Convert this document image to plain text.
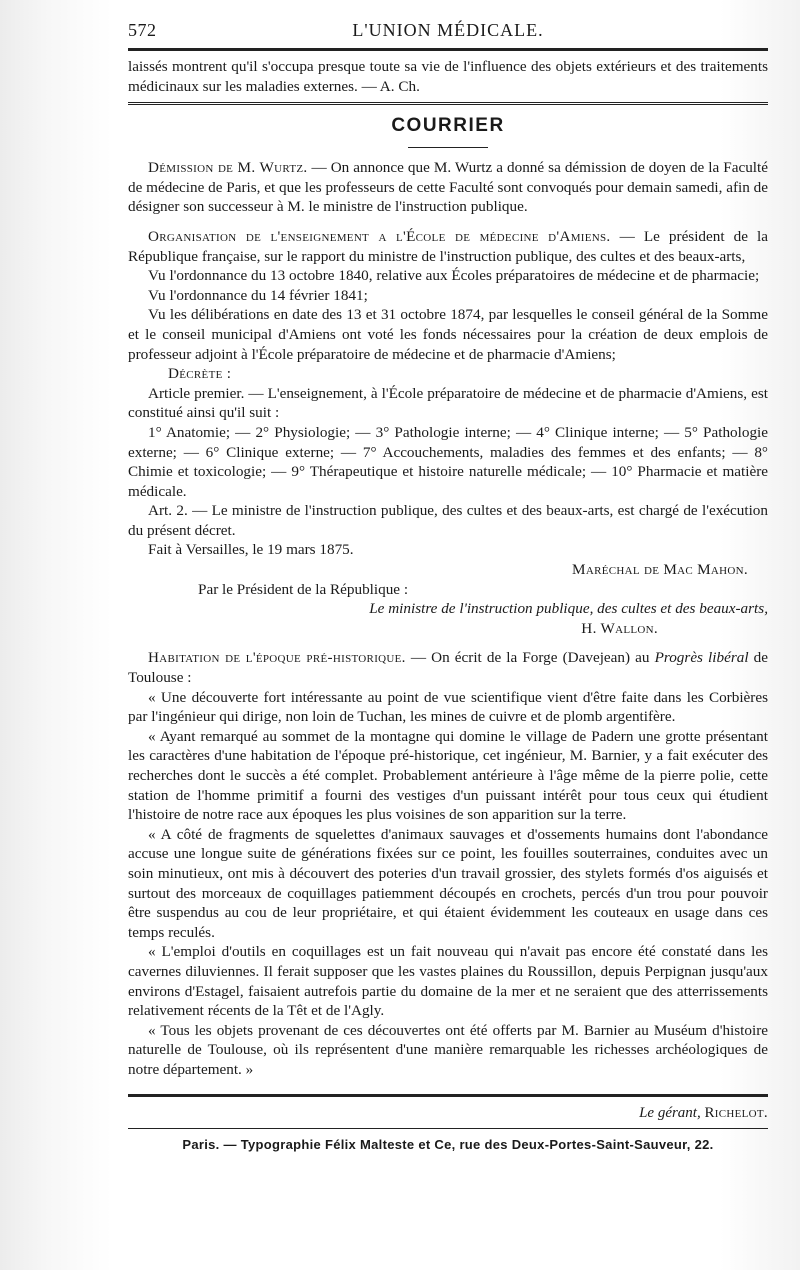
572	L'UNION MÉDICALE.

laissés montrent qu'il s'occupa presque toute sa vie de l'influence des objets extérieurs et des traitements médicinaux sur les maladies externes. — A. Ch.

COURRIER

Démission de M. Wurtz. — On annonce que M. Wurtz a donné sa démission de doyen de la Faculté de médecine de Paris, et que les professeurs de cette Faculté sont convoqués pour demain samedi, afin de désigner son successeur à M. le ministre de l'instruction publique.

Organisation de l'enseignement a l'École de médecine d'Amiens. — Le président de la République française, sur le rapport du ministre de l'instruction publique, des cultes et des beaux-arts,

Vu l'ordonnance du 13 octobre 1840, relative aux Écoles préparatoires de médecine et de pharmacie;

Vu l'ordonnance du 14 février 1841;

Vu les délibérations en date des 13 et 31 octobre 1874, par lesquelles le conseil général de la Somme et le conseil municipal d'Amiens ont voté les fonds nécessaires pour la création de deux emplois de professeur adjoint à l'École préparatoire de médecine et de pharmacie d'Amiens;

Décrète :

Article premier. — L'enseignement, à l'École préparatoire de médecine et de pharmacie d'Amiens, est constitué ainsi qu'il suit :

1° Anatomie; — 2° Physiologie; — 3° Pathologie interne; — 4° Clinique interne; — 5° Pathologie externe; — 6° Clinique externe; — 7° Accouchements, maladies des femmes et des enfants; — 8° Chimie et toxicologie; — 9° Thérapeutique et histoire naturelle médicale; — 10° Pharmacie et matière médicale.

Art. 2. — Le ministre de l'instruction publique, des cultes et des beaux-arts, est chargé de l'exécution du présent décret.

Fait à Versailles, le 19 mars 1875.

Maréchal de Mac Mahon.

Par le Président de la République :

Le ministre de l'instruction publique, des cultes et des beaux-arts,

H. Wallon.

Habitation de l'époque pré-historique. — On écrit de la Forge (Davejean) au Progrès libéral de Toulouse :

« Une découverte fort intéressante au point de vue scientifique vient d'être faite dans les Corbières par l'ingénieur qui dirige, non loin de Tuchan, les mines de cuivre et de plomb argentifère.

« Ayant remarqué au sommet de la montagne qui domine le village de Padern une grotte présentant les caractères d'une habitation de l'époque pré-historique, cet ingénieur, M. Barnier, y a fait exécuter des recherches dont le succès a été complet. Probablement antérieure à l'âge même de la pierre polie, cette station de l'homme primitif a fourni des vestiges d'un puissant intérêt pour tous ceux qui étudient l'histoire de notre race aux époques les plus voisines de son apparition sur la terre.

« A côté de fragments de squelettes d'animaux sauvages et d'ossements humains dont l'abondance accuse une longue suite de générations fixées sur ce point, les fouilles souterraines, conduites avec un soin minutieux, ont mis à découvert des poteries d'un travail grossier, des stylets formés d'os aiguisés et surtout des morceaux de coquillages patiemment découpés en crochets, percés d'un trou pour pouvoir être suspendus au cou de leur propriétaire, et qui étaient évidemment les couteaux en usage dans ces temps reculés.

« L'emploi d'outils en coquillages est un fait nouveau qui n'avait pas encore été constaté dans les cavernes diluviennes. Il ferait supposer que les vastes plaines du Roussillon, depuis Perpignan jusqu'aux environs d'Estagel, faisaient autrefois partie du domaine de la mer et ne seraient que des atterrissements relativement récents de la Têt et de l'Agly.

« Tous les objets provenant de ces découvertes ont été offerts par M. Barnier au Muséum d'histoire naturelle de Toulouse, où ils représentent d'une manière remarquable les richesses archéologiques de notre département. »

Le gérant, Richelot.
Paris. — Typographie Félix Malteste et Ce, rue des Deux-Portes-Saint-Sauveur, 22.
